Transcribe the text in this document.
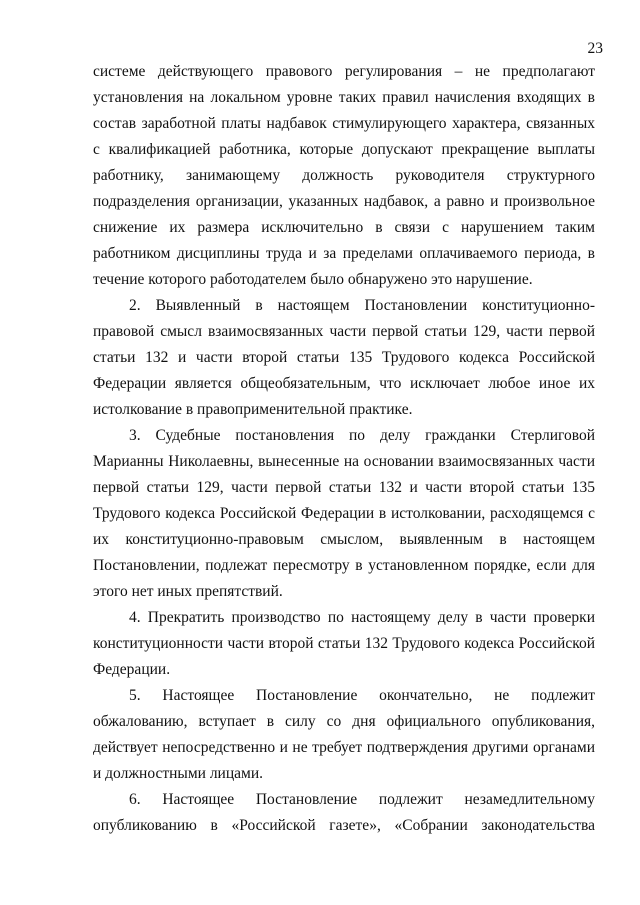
23

системе действующего правового регулирования – не предполагают установления на локальном уровне таких правил начисления входящих в состав заработной платы надбавок стимулирующего характера, связанных с квалификацией работника, которые допускают прекращение выплаты работнику, занимающему должность руководителя структурного подразделения организации, указанных надбавок, а равно и произвольное снижение их размера исключительно в связи с нарушением таким работником дисциплины труда и за пределами оплачиваемого периода, в течение которого работодателем было обнаружено это нарушение.

2. Выявленный в настоящем Постановлении конституционно-правовой смысл взаимосвязанных части первой статьи 129, части первой статьи 132 и части второй статьи 135 Трудового кодекса Российской Федерации является общеобязательным, что исключает любое иное их истолкование в правоприменительной практике.

3. Судебные постановления по делу гражданки Стерлиговой Марианны Николаевны, вынесенные на основании взаимосвязанных части первой статьи 129, части первой статьи 132 и части второй статьи 135 Трудового кодекса Российской Федерации в истолковании, расходящемся с их конституционно-правовым смыслом, выявленным в настоящем Постановлении, подлежат пересмотру в установленном порядке, если для этого нет иных препятствий.

4. Прекратить производство по настоящему делу в части проверки конституционности части второй статьи 132 Трудового кодекса Российской Федерации.

5. Настоящее Постановление окончательно, не подлежит обжалованию, вступает в силу со дня официального опубликования, действует непосредственно и не требует подтверждения другими органами и должностными лицами.

6. Настоящее Постановление подлежит незамедлительному опубликованию в «Российской газете», «Собрании законодательства
